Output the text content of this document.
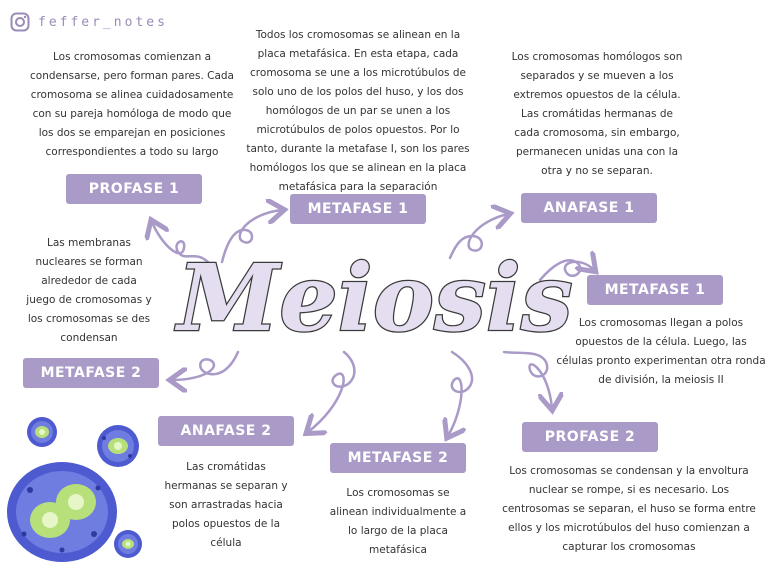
feffer_notes
Meiosis
Los cromosomas comienzan a condensarse, pero forman pares. Cada cromosoma se alinea cuidadosamente con su pareja homóloga de modo que los dos se emparejan en posiciones correspondientes a todo su largo
PROFASE 1
Todos los cromosomas se alinean en la placa metafásica. En esta etapa, cada cromosoma se une a los microtúbulos de solo uno de los polos del huso, y los dos homólogos de un par se unen a los microtúbulos de polos opuestos. Por lo tanto, durante la metafase I, son los pares homólogos los que se alinean en la placa metafásica para la separación
METAFASE 1
Los cromosomas homólogos son separados y se mueven a los extremos opuestos de la célula. Las cromátidas hermanas de cada cromosoma, sin embargo, permanecen unidas una con la otra y no se separan.
ANAFASE 1
METAFASE 1
Los cromosomas llegan a polos opuestos de la célula. Luego, las células pronto experimentan otra ronda de división, la meiosis II
PROFASE 2
Los cromosomas se condensan y la envoltura nuclear se rompe, si es necesario. Los centrosomas se separan, el huso se forma entre ellos y los microtúbulos del huso comienzan a capturar los cromosomas
METAFASE 2
Los cromosomas se alinean individualmente a lo largo de la placa metafásica
ANAFASE 2
Las cromátidas hermanas se separan y son arrastradas hacia polos opuestos de la célula
Las membranas nucleares se forman alrededor de cada juego de cromosomas y los cromosomas se des condensan
METAFASE 2
